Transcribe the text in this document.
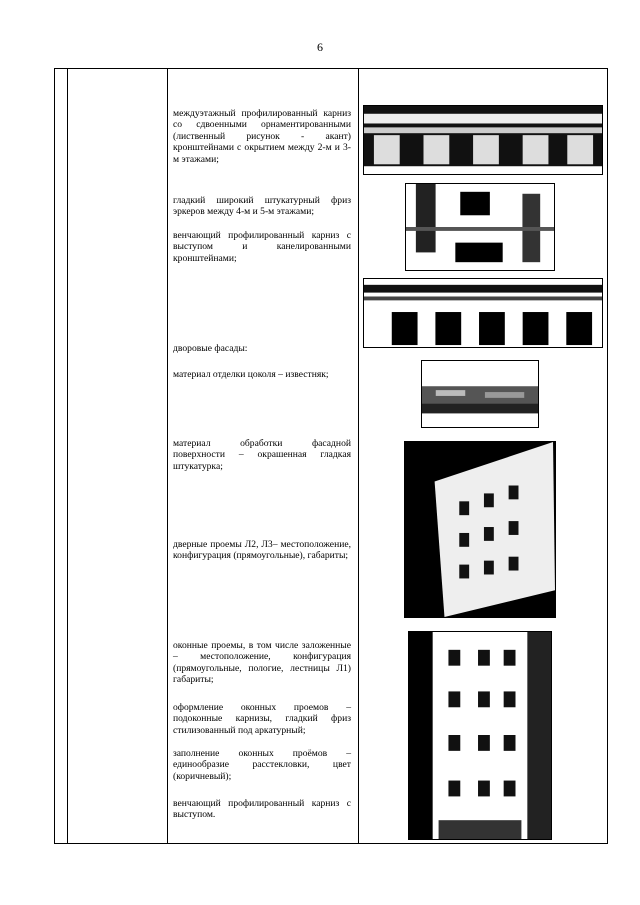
6
междуэтажный профилированный карниз со сдвоенными орнаментированными (лиственный рисунок - акант) кронштейнами с окрытием между 2-м и 3-м этажами;
гладкий широкий штукатурный фриз эркеров между 4-м и 5-м этажами;
венчающий профилированный карниз с выступом и канелированными кронштейнами;
дворовые фасады:
материал отделки цоколя – известняк;
материал обработки фасадной поверхности – окрашенная гладкая штукатурка;
дверные проемы Л2, Л3– местоположение, конфигурация (прямоугольные), габариты;
оконные проемы, в том числе заложенные – местоположение, конфигурация (прямоугольные, пологие, лестницы Л1) габариты;
оформление оконных проемов – подоконные карнизы, гладкий фриз стилизованный под аркатурный;
заполнение оконных проёмов – единообразие расстекловки, цвет (коричневый);
венчающий профилированный карниз с выступом.
